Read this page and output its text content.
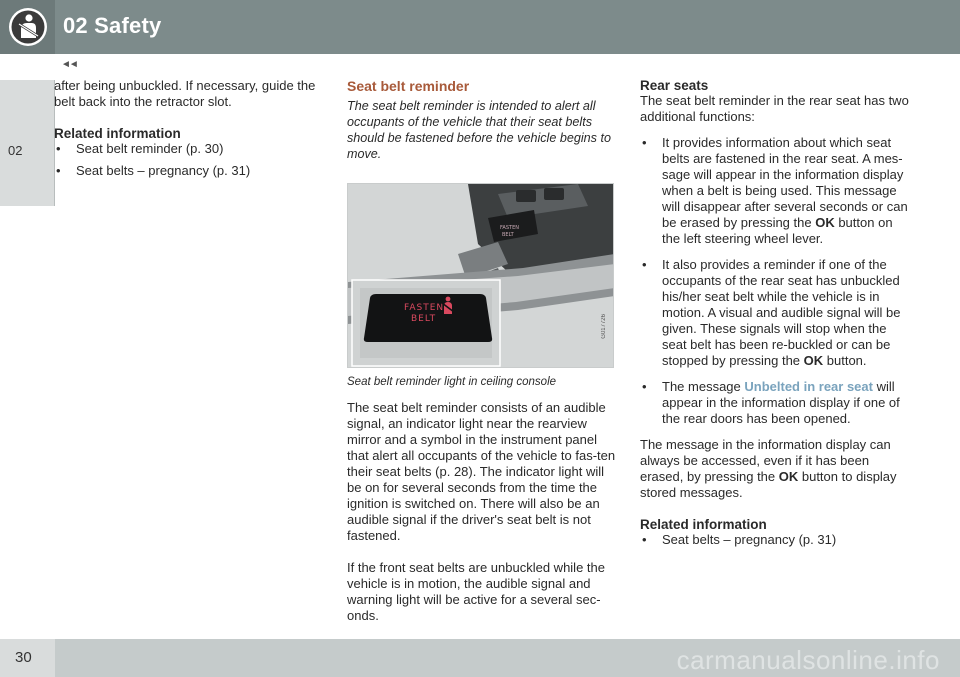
02 Safety
02
◄◄

after being unbuckled. If necessary, guide the belt back into the retractor slot.

Related information
• Seat belt reminder (p. 30)
• Seat belts – pregnancy (p. 31)
Seat belt reminder

The seat belt reminder is intended to alert all occupants of the vehicle that their seat belts should be fastened before the vehicle begins to move.

FASTEN
BELT
FASTEN
BELT	G017726

Seat belt reminder light in ceiling console

The seat belt reminder consists of an audible signal, an indicator light near the rearview mirror and a symbol in the instrument panel that alert all occupants of the vehicle to fas-ten their seat belts (p. 28). The indicator light will be on for several seconds from the time the ignition is switched on. There will also be an audible signal if the driver's seat belt is not fastened.

If the front seat belts are unbuckled while the vehicle is in motion, the audible signal and warning light will be active for a several sec-onds.

Rear seats

The seat belt reminder in the rear seat has two additional functions:

• It provides information about which seat belts are fastened in the rear seat. A mes-sage will appear in the information display when a belt is being used. This message will disappear after several seconds or can be erased by pressing the OK button on the left steering wheel lever.
• It also provides a reminder if one of the occupants of the rear seat has unbuckled his/her seat belt while the vehicle is in motion. A visual and audible signal will be given. These signals will stop when the seat belt has been re-buckled or can be stopped by pressing the OK button.
• The message Unbelted in rear seat will appear in the information display if one of the rear doors has been opened.

The message in the information display can always be accessed, even if it has been erased, by pressing the OK button to display stored messages.

Related information
• Seat belts – pregnancy (p. 31)
30	carmanualsonline.info
